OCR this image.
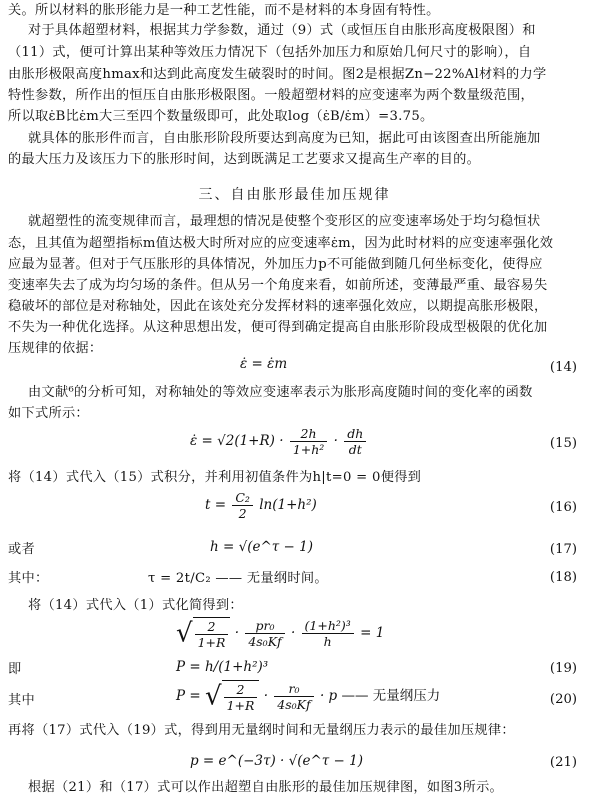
关。所以材料的胀形能力是一种工艺性能，而不是材料的本身固有特性。
对于具体超塑材料，根据其力学参数，通过（9）式（或恒压自由胀形高度极限图）和
（11）式，便可计算出某种等效压力情况下（包括外加压力和原始几何尺寸的影响），自
由胀形极限高度hmax和达到此高度发生破裂时的时间。图2是根据Zn−22%Al材料的力学
特性参数，所作出的恒压自由胀形极限图。一般超塑材料的应变速率为两个数量级范围，
所以取ε̇B比ε̇m大三至四个数量级即可，此处取log（ε̇B/ε̇m）=3.75。
就具体的胀形件而言，自由胀形阶段所要达到高度为已知，据此可由该图查出所能施加
的最大压力及该压力下的胀形时间，达到既满足工艺要求又提高生产率的目的。
三、自由胀形最佳加压规律
就超塑性的流变规律而言，最理想的情况是使整个变形区的应变速率场处于均匀稳恒状
态，且其值为超塑指标m值达极大时所对应的应变速率ε̇m，因为此时材料的应变速率强化效
应最为显著。但对于气压胀形的具体情况，外加压力p不可能做到随几何坐标变化，使得应
变速率失去了成为均匀场的条件。但从另一个角度来看，如前所述，变薄最严重、最容易失
稳破坏的部位是对称轴处，因此在该处充分发挥材料的速率强化效应，以期提高胀形极限，
不失为一种优化选择。从这种思想出发，便可得到确定提高自由胀形阶段成型极限的优化加
压规律的依据：
ε̇ = ε̇m	(14)
由文献⁶的分析可知，对称轴处的等效应变速率表示为胀形高度随时间的变化率的函数
如下式所示：
ε̇ = $√2(1+R) \cdot \frac{2h}{\text{1+h²}} \cdot \frac{dh}{dt}$	(15)
将（14）式代入（15）式积分，并利用初值条件为h|t=0 = 0便得到
$t = \frac{\text{C₂}}{2} \ln(1+h^2)$	(16)
或者	h = √(e^τ − 1)	(17)
其中：	τ = 2t/C₂ —— 无量纲时间。	(18)
将（14）式代入（1）式化简得到：
√ $\frac{2}{1+R} \cdot \frac{\text{pr₀}}{\text{4s₀Kf}} \cdot \frac{\text{(1+h²)³}}{h} = 1$
即	P = h/(1+h²)³	(19)
其中	P = √ $\frac{2}{1+R} \cdot \frac{\text{r₀}}{\text{4s₀Kf}} \cdot p$ —— 无量纲压力	(20)
再将（17）式代入（19）式，得到用无量纲时间和无量纲压力表示的最佳加压规律：
p = e^(−3τ) · √(e^τ − 1)	(21)
根据（21）和（17）式可以作出超塑自由胀形的最佳加压规律图，如图3所示。
